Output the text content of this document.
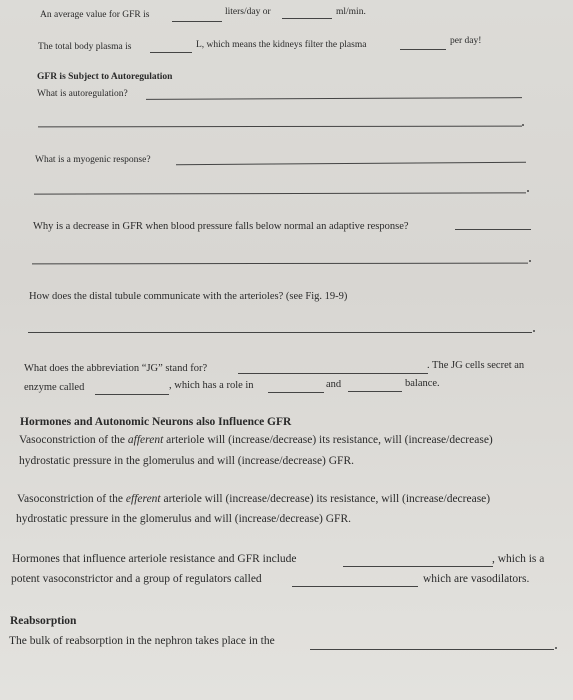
An average value for GFR is	liters/day or	ml/min.
The total body plasma is	L, which means the kidneys filter the plasma	per day!
GFR is Subject to Autoregulation
What is autoregulation?
What is a myogenic response?
Why is a decrease in GFR when blood pressure falls below normal an adaptive response?
How does the distal tubule communicate with the arterioles? (see Fig. 19-9)
What does the abbreviation “JG” stand for?	. The JG cells secret an
enzyme called	, which has a role in	and	balance.
Hormones and Autonomic Neurons also Influence GFR
Vasoconstriction of the afferent arteriole will (increase/decrease) its resistance, will (increase/decrease)
hydrostatic pressure in the glomerulus and will (increase/decrease) GFR.
Vasoconstriction of the efferent arteriole will (increase/decrease) its resistance, will (increase/decrease)
hydrostatic pressure in the glomerulus and will (increase/decrease) GFR.
Hormones that influence arteriole resistance and GFR include	, which is a
potent vasoconstrictor and a group of regulators called	which are vasodilators.
Reabsorption
The bulk of reabsorption in the nephron takes place in the
